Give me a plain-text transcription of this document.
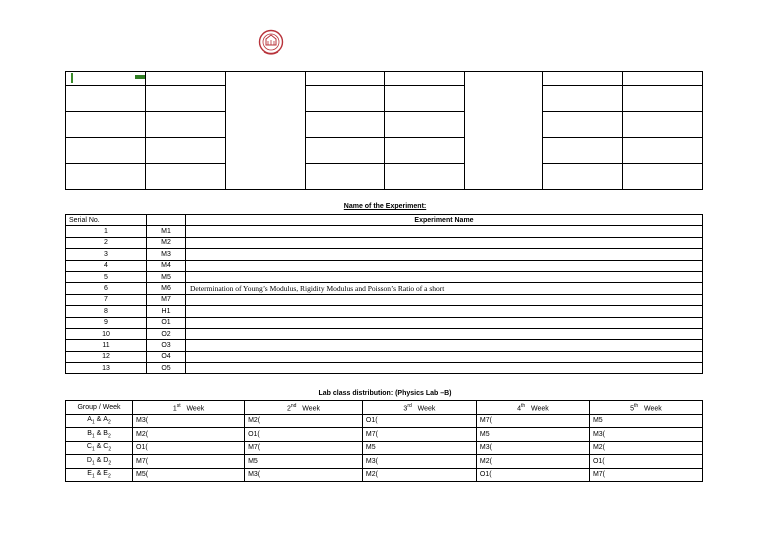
Name of the Experiment:
Serial No.		Experiment Name
1	M1	
2	M2	
3	M3	
4	M4	
5	M5	
6	M6	Determination of Young’s Modulus, Rigidity Modulus and Poisson’s Ratio of a short
7	M7	
8	H1	
9	O1	
10	O2	
11	O3	
12	O4	
13	O5	
Lab class distribution: (Physics Lab –B)
Group / Week	1st Week	2nd Week	3rd Week	4th Week	5th Week
$A_1$ & $A_2$	M3(	M2(	O1(	M7(	M5
$B_1$ & $B_2$	M2(	O1(	M7(	M5	M3(
$C_1$ & $C_2$	O1(	M7(	M5	M3(	M2(
$D_1$ & $D_2$	M7(	M5	M3(	M2(	O1(
$E_1$ & $E_2$	M5(	M3(	M2(	O1(	M7(
